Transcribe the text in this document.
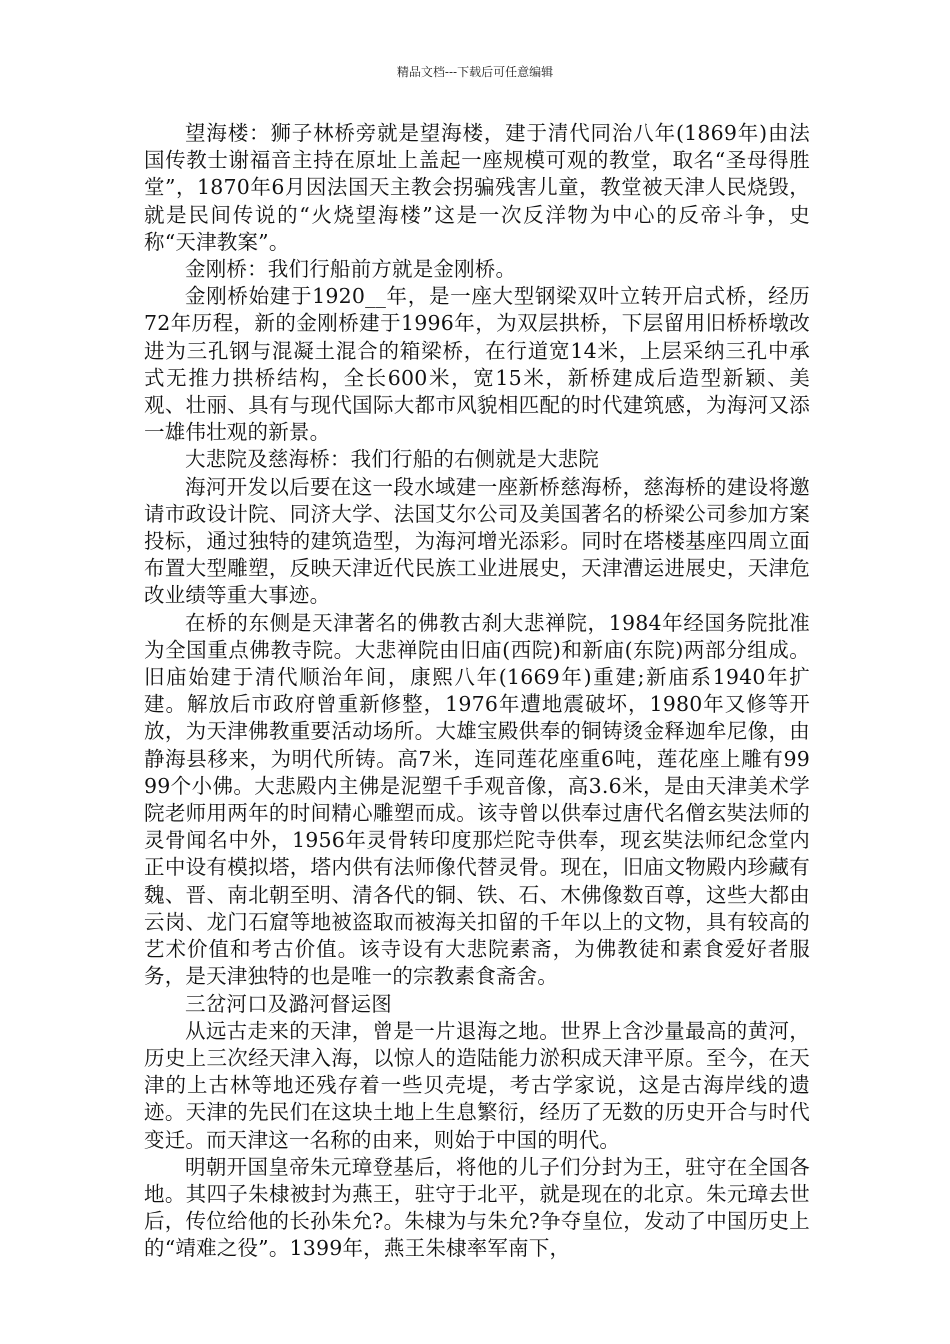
精品文档---下载后可任意编辑

望海楼：狮子林桥旁就是望海楼，建于清代同治八年(1869年)由法国传教士谢福音主持在原址上盖起一座规模可观的教堂，取名“圣母得胜堂”，1870年6月因法国天主教会拐骗残害儿童，教堂被天津人民烧毁，就是民间传说的“火烧望海楼”这是一次反洋物为中心的反帝斗争，史称“天津教案”。

金刚桥：我们行船前方就是金刚桥。

金刚桥始建于1920__年，是一座大型钢梁双叶立转开启式桥，经历72年历程，新的金刚桥建于1996年，为双层拱桥，下层留用旧桥桥墩改进为三孔钢与混凝土混合的箱梁桥，在行道宽14米，上层采纳三孔中承式无推力拱桥结构，全长600米，宽15米，新桥建成后造型新颖、美观、壮丽、具有与现代国际大都市风貌相匹配的时代建筑感，为海河又添一雄伟壮观的新景。

大悲院及慈海桥：我们行船的右侧就是大悲院

海河开发以后要在这一段水域建一座新桥慈海桥，慈海桥的建设将邀请市政设计院、同济大学、法国艾尔公司及美国著名的桥梁公司参加方案投标，通过独特的建筑造型，为海河增光添彩。同时在塔楼基座四周立面布置大型雕塑，反映天津近代民族工业进展史，天津漕运进展史，天津危改业绩等重大事迹。

在桥的东侧是天津著名的佛教古刹大悲禅院，1984年经国务院批准为全国重点佛教寺院。大悲禅院由旧庙(西院)和新庙(东院)两部分组成。旧庙始建于清代顺治年间，康熙八年(1669年)重建;新庙系1940年扩建。解放后市政府曾重新修整，1976年遭地震破坏，1980年又修等开放，为天津佛教重要活动场所。大雄宝殿供奉的铜铸烫金释迦牟尼像，由静海县移来，为明代所铸。高7米，连同莲花座重6吨，莲花座上雕有9999个小佛。大悲殿内主佛是泥塑千手观音像，高3.6米，是由天津美术学院老师用两年的时间精心雕塑而成。该寺曾以供奉过唐代名僧玄奘法师的灵骨闻名中外，1956年灵骨转印度那烂陀寺供奉，现玄奘法师纪念堂内正中设有模拟塔，塔内供有法师像代替灵骨。现在，旧庙文物殿内珍藏有魏、晋、南北朝至明、清各代的铜、铁、石、木佛像数百尊，这些大都由云岗、龙门石窟等地被盗取而被海关扣留的千年以上的文物，具有较高的艺术价值和考古价值。该寺设有大悲院素斋，为佛教徒和素食爱好者服务，是天津独特的也是唯一的宗教素食斋舍。

三岔河口及潞河督运图

从远古走来的天津，曾是一片退海之地。世界上含沙量最高的黄河，历史上三次经天津入海，以惊人的造陆能力淤积成天津平原。至今，在天津的上古林等地还残存着一些贝壳堤，考古学家说，这是古海岸线的遗迹。天津的先民们在这块土地上生息繁衍，经历了无数的历史开合与时代变迁。而天津这一名称的由来，则始于中国的明代。

明朝开国皇帝朱元璋登基后，将他的儿子们分封为王，驻守在全国各地。其四子朱棣被封为燕王，驻守于北平，就是现在的北京。朱元璋去世后，传位给他的长孙朱允?。朱棣为与朱允?争夺皇位，发动了中国历史上的“靖难之役”。1399年，燕王朱棣率军南下，
